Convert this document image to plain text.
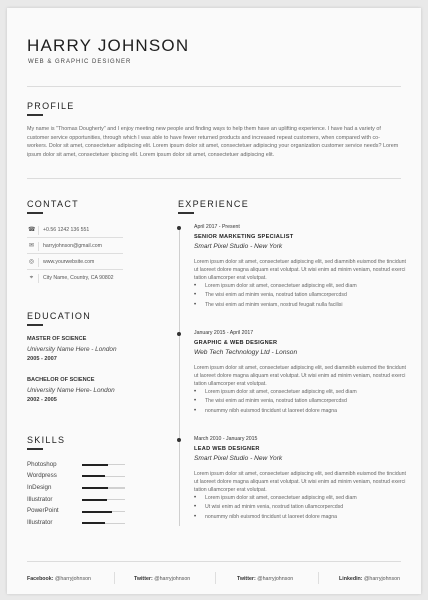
HARRY JOHNSON
WEB & GRAPHIC DESIGNER
PROFILE
My name is "Thomas Dougherty" and I enjoy meeting new people and finding ways to help them have an uplifting experience. I have had a variety of customer service opportunities, through which I was able to have fewer returned products and increased repeat customers, when compared with co-workers. Dolor sit amet, consectetuer adipiscing elit. Lorem ipsum dolor sit amet, consectetuer adipiscing your organization customer service needs? Lorem ipsum dolor sit amet, consectetuer ipiscing elit. Lorem ipsum dolor sit amet, consectetuer adipiscing elit.
CONTACT
☎ +0.56 1242 136 551
✉ harryjohnson@gmail.com
◎ www.yourwebsite.com
⌖	City Name, Country, CA 90802
EDUCATION
MASTER OF SCIENCE
University Name Here - London
2005 - 2007
BACHELOR OF SCIENCE
University Name Here- London
2002 - 2005
SKILLS
Photoshop
Wordpress
InDesign
Illustrator
PowerPoint
Illustrator
EXPERIENCE
April 2017 - Present
SENIOR MARKETING SPECIALIST
Smart Pixel Studio - New York
Lorem ipsum dolor sit amet, consectetuer adipiscing elit, sed diamnibh euismod the tincidunt ut laoreet dolore magna aliquam erat volutpat. Ut wisi enim ad minim veniam, nostrud exerci tation ullamcorper erat volutpat.
• Lorem ipsum dolor sit amet, consectetuer adipiscing elit, sed diam
• The wisi enim ad minim venia, nostrud tation ullamcorpercdsd
• The wisi enim ad minim veniam, nostrud feugait nulla facilisi
January 2015 - April 2017
GRAPHIC & WEB DESIGNER
Web Tech Technology Ltd - Lonson
Lorem ipsum dolor sit amet, consectetuer adipiscing elit, sed diamnibh euismod the tincidunt ut laoreet dolore magna aliquam erat volutpat. Ut wisi enim ad minim veniam, nostrud exerci tation ullamcorper erat volutpat.
• Lorem ipsum dolor sit amet, consectetuer adipiscing elit, sed diam
• The wisi enim ad minim venia, nostrud tation ullamcorpercdsd
• nonummy nibh euismod tincidunt ut laoreet dolore magna
March 2010 - January 2015
LEAD WEB DESIGNER
Smart Pixel Studio - New York
Lorem ipsum dolor sit amet, consectetuer adipiscing elit, sed diamnibh euismod the tincidunt ut laoreet dolore magna aliquam erat volutpat. Ut wisi enim ad minim veniam, nostrud exerci tation ullamcorper erat volutpat.
• Lorem ipsum dolor sit amet, consectetuer adipiscing elit, sed diam
• Ut wisi enim ad minim venia, nostrud tation ullamcorpercdsd
• nonummy nibh euismod tincidunt ut laoreet dolore magna
Facebook: @harryjohnson	Twitter: @harryjohnson	Twitter: @harryjohnson	Linkedin: @harryjohnson
